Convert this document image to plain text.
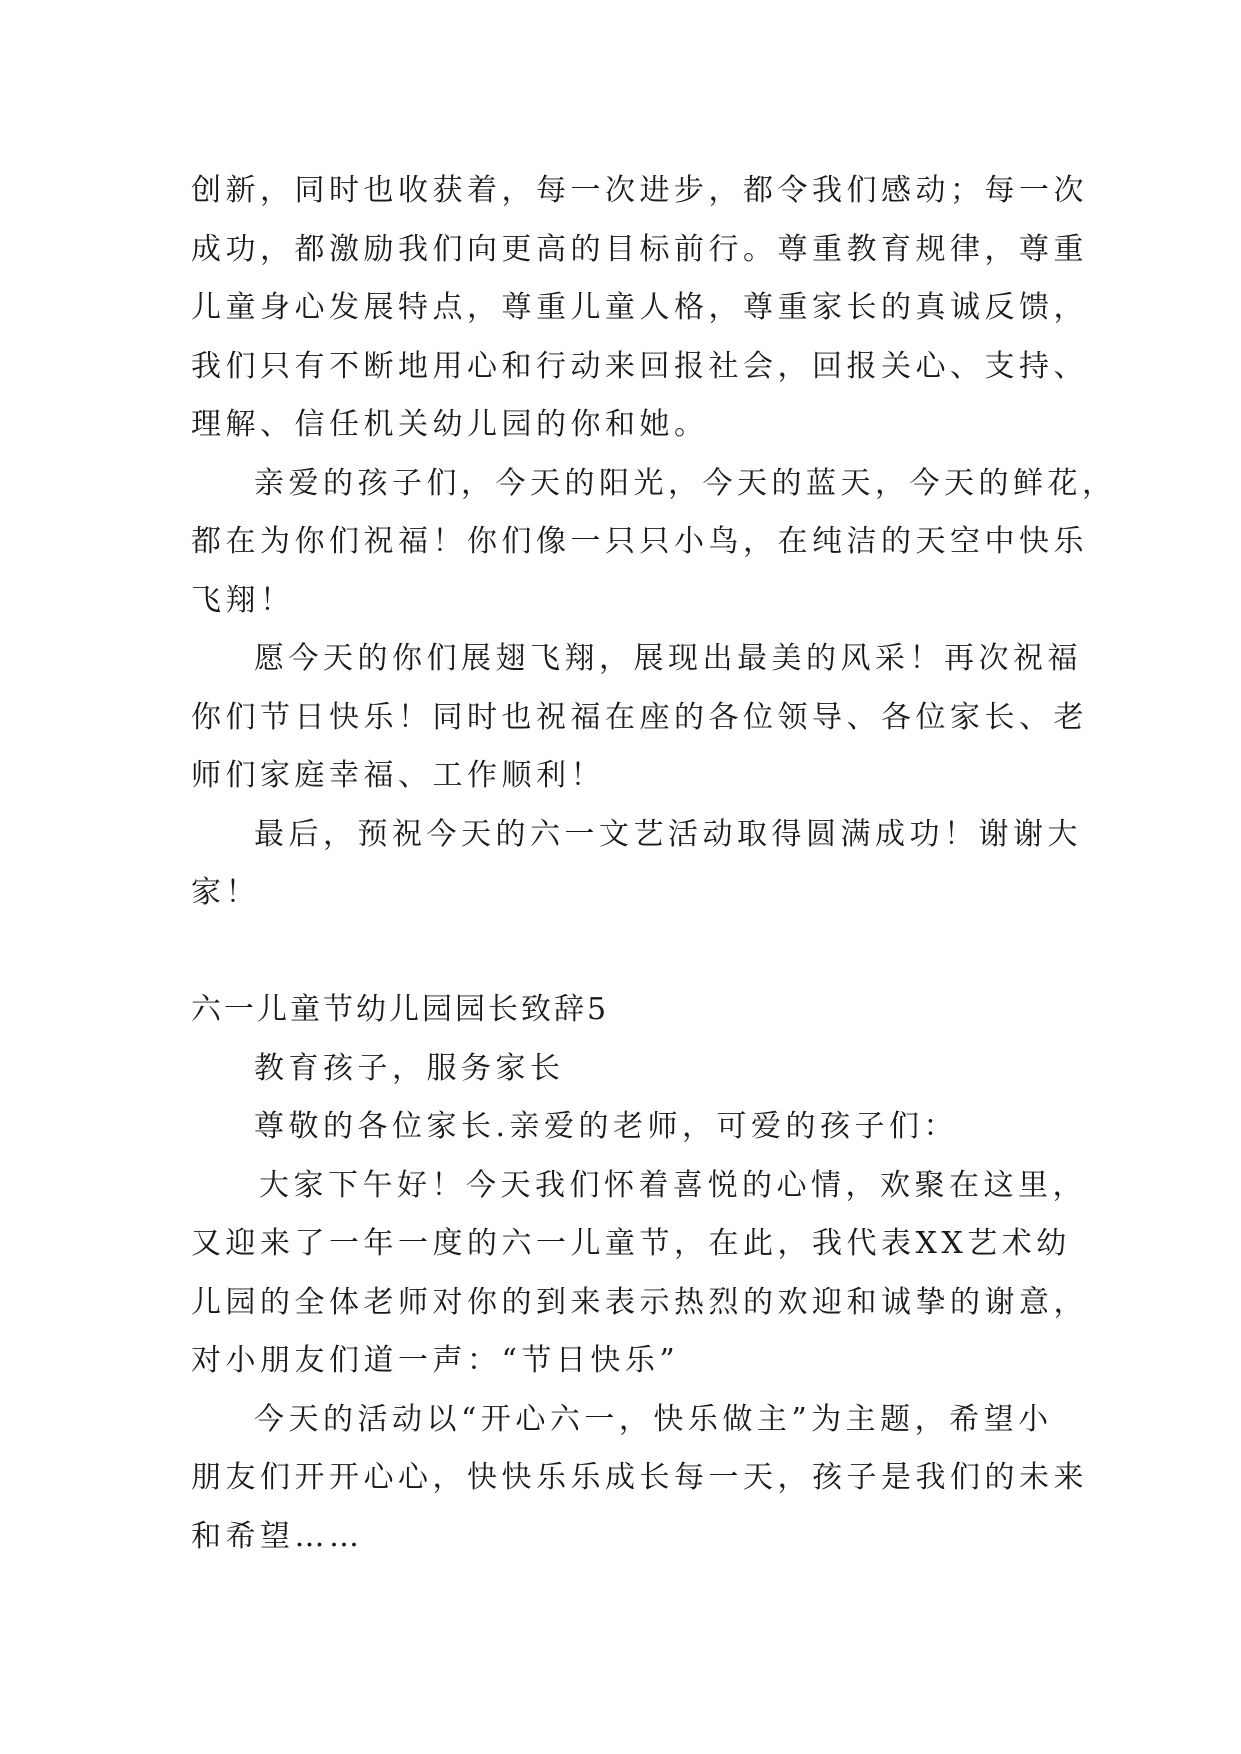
创新，同时也收获着，每一次进步，都令我们感动；每一次

成功，都激励我们向更高的目标前行。尊重教育规律，尊重

儿童身心发展特点，尊重儿童人格，尊重家长的真诚反馈，

我们只有不断地用心和行动来回报社会，回报关心、支持、

理解、信任机关幼儿园的你和她。

亲爱的孩子们，今天的阳光，今天的蓝天，今天的鲜花，

都在为你们祝福！你们像一只只小鸟，在纯洁的天空中快乐

飞翔！

愿今天的你们展翅飞翔，展现出最美的风采！再次祝福

你们节日快乐！同时也祝福在座的各位领导、各位家长、老

师们家庭幸福、工作顺利！

最后，预祝今天的六一文艺活动取得圆满成功！谢谢大

家！

六一儿童节幼儿园园长致辞5

教育孩子，服务家长

尊敬的各位家长.亲爱的老师，可爱的孩子们：

大家下午好！今天我们怀着喜悦的心情，欢聚在这里，

又迎来了一年一度的六一儿童节，在此，我代表XX艺术幼

儿园的全体老师对你的到来表示热烈的欢迎和诚挚的谢意，

对小朋友们道一声：“节日快乐”

今天的活动以“开心六一，快乐做主”为主题，希望小

朋友们开开心心，快快乐乐成长每一天，孩子是我们的未来

和希望……
